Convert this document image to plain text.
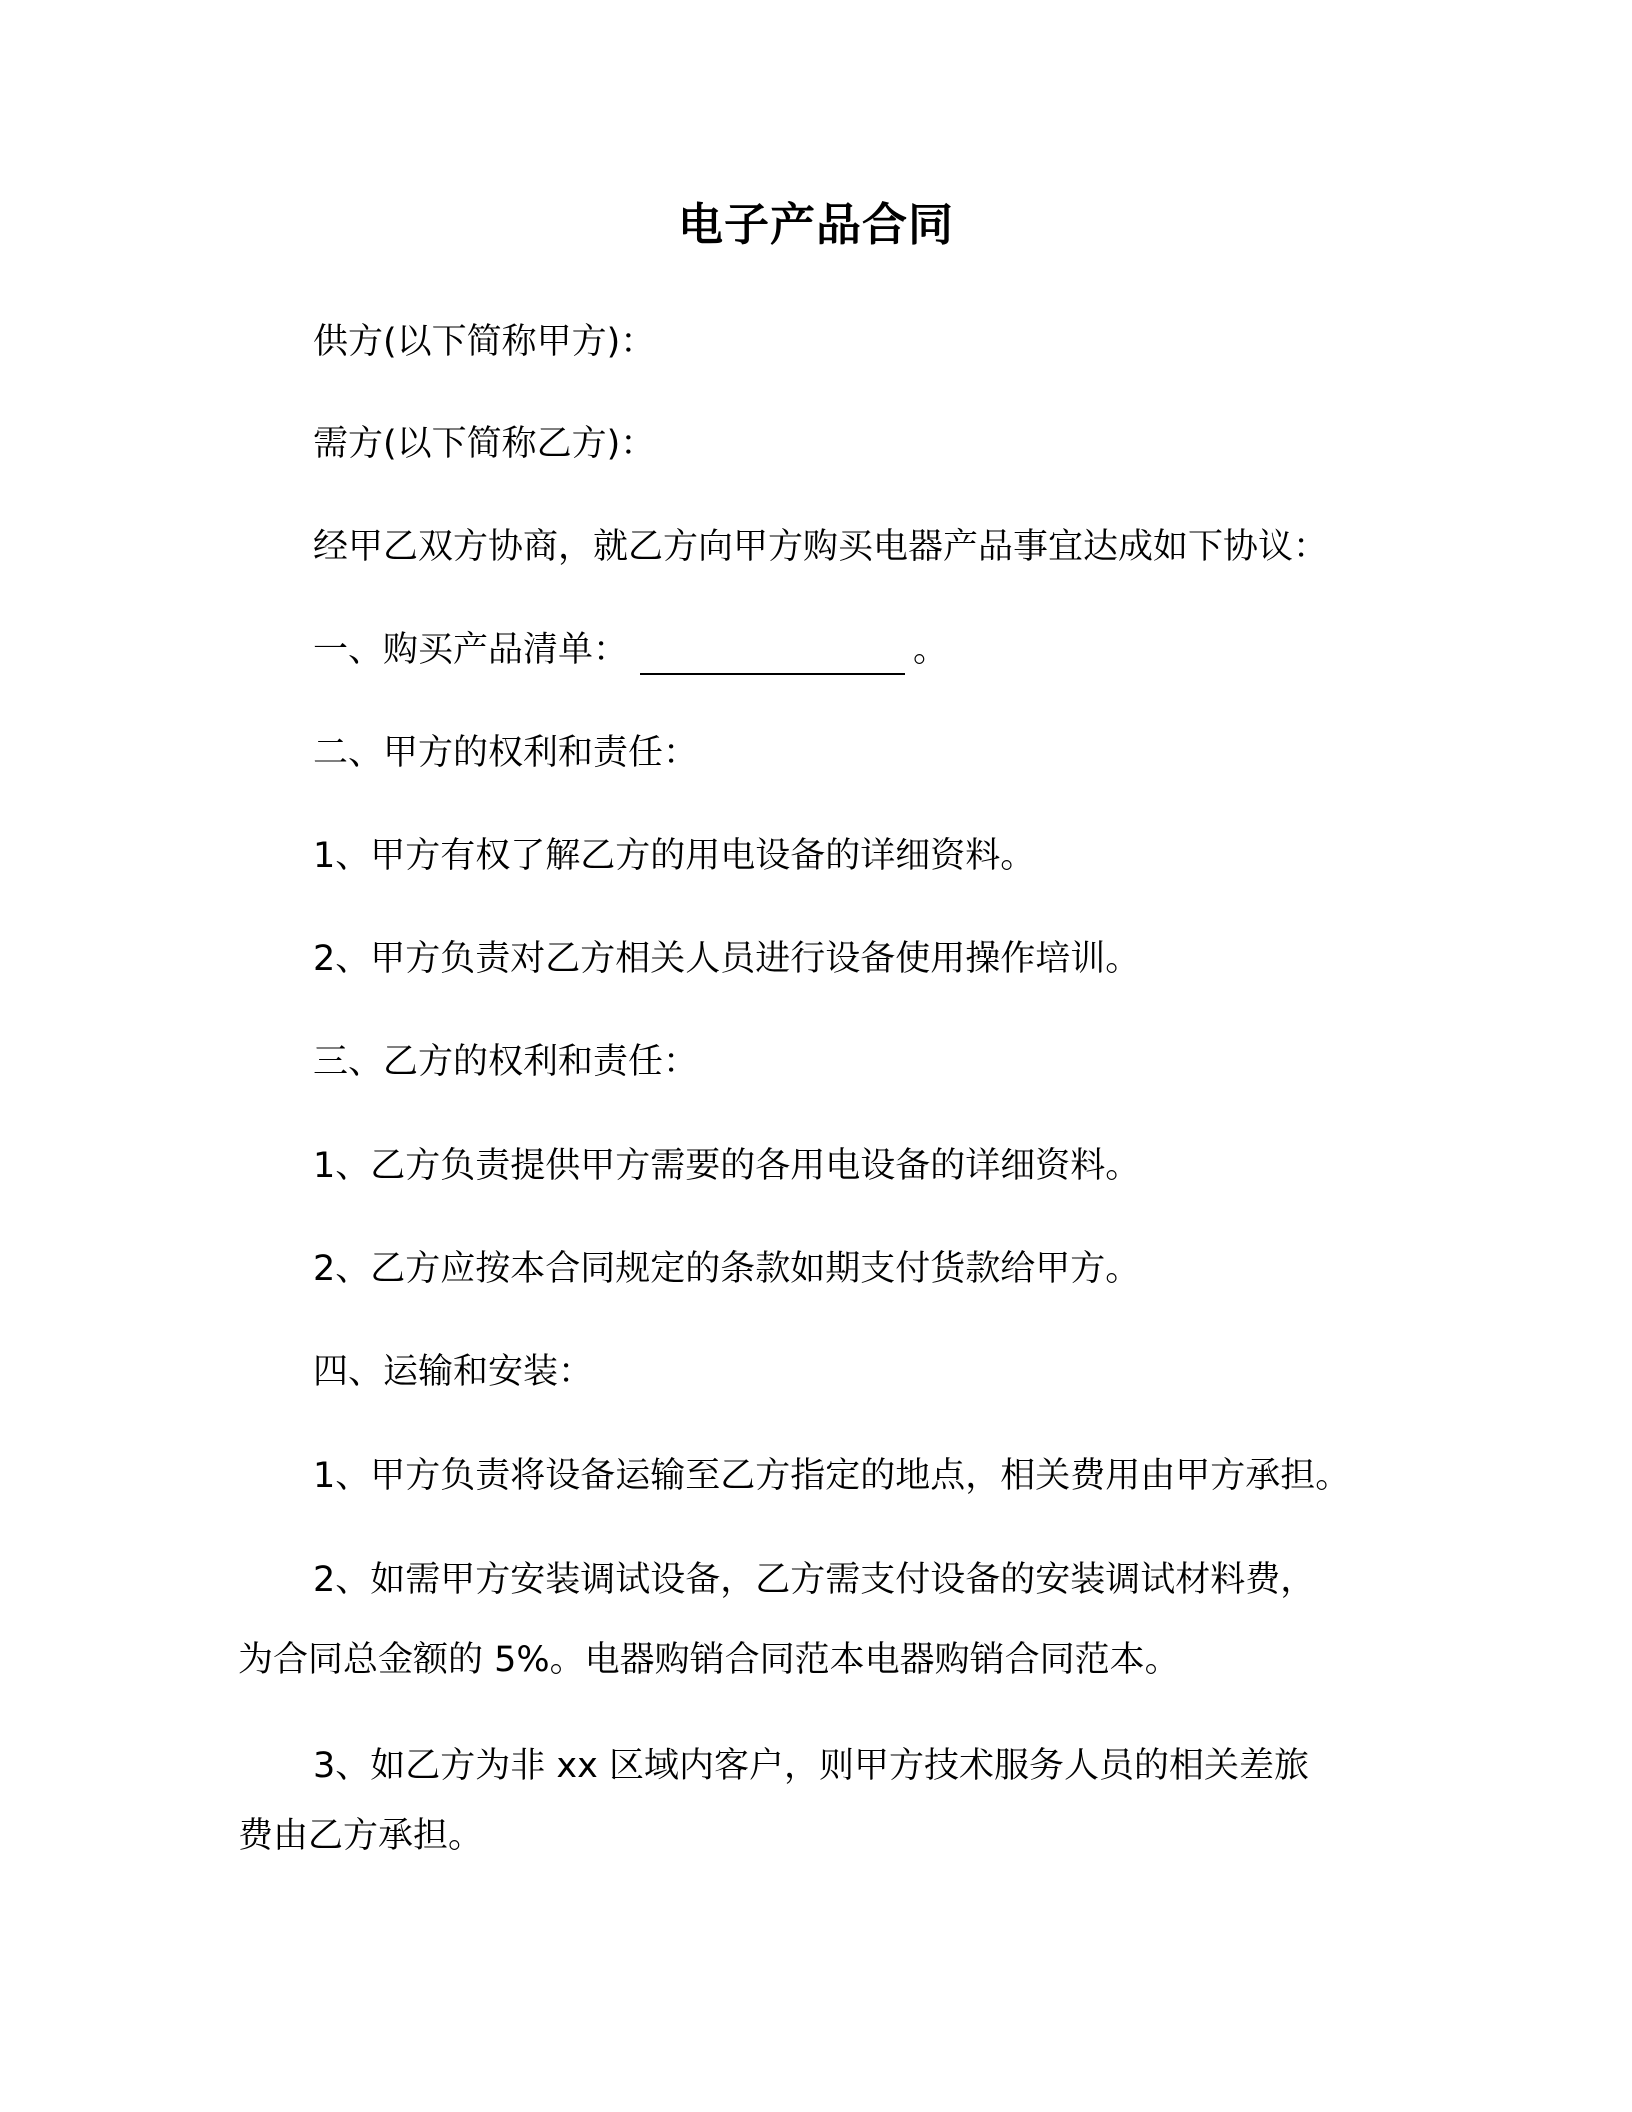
电子产品合同
供方(以下简称甲方)：
需方(以下简称乙方)：
经甲乙双方协商，就乙方向甲方购买电器产品事宜达成如下协议：
一、购买产品清单：	。
二、甲方的权利和责任：
1、甲方有权了解乙方的用电设备的详细资料。
2、甲方负责对乙方相关人员进行设备使用操作培训。
三、乙方的权利和责任：
1、乙方负责提供甲方需要的各用电设备的详细资料。
2、乙方应按本合同规定的条款如期支付货款给甲方。
四、运输和安装：
1、甲方负责将设备运输至乙方指定的地点，相关费用由甲方承担。
2、如需甲方安装调试设备，乙方需支付设备的安装调试材料费，
为合同总金额的 5%。电器购销合同范本电器购销合同范本。
3、如乙方为非 xx 区域内客户，则甲方技术服务人员的相关差旅
费由乙方承担。
